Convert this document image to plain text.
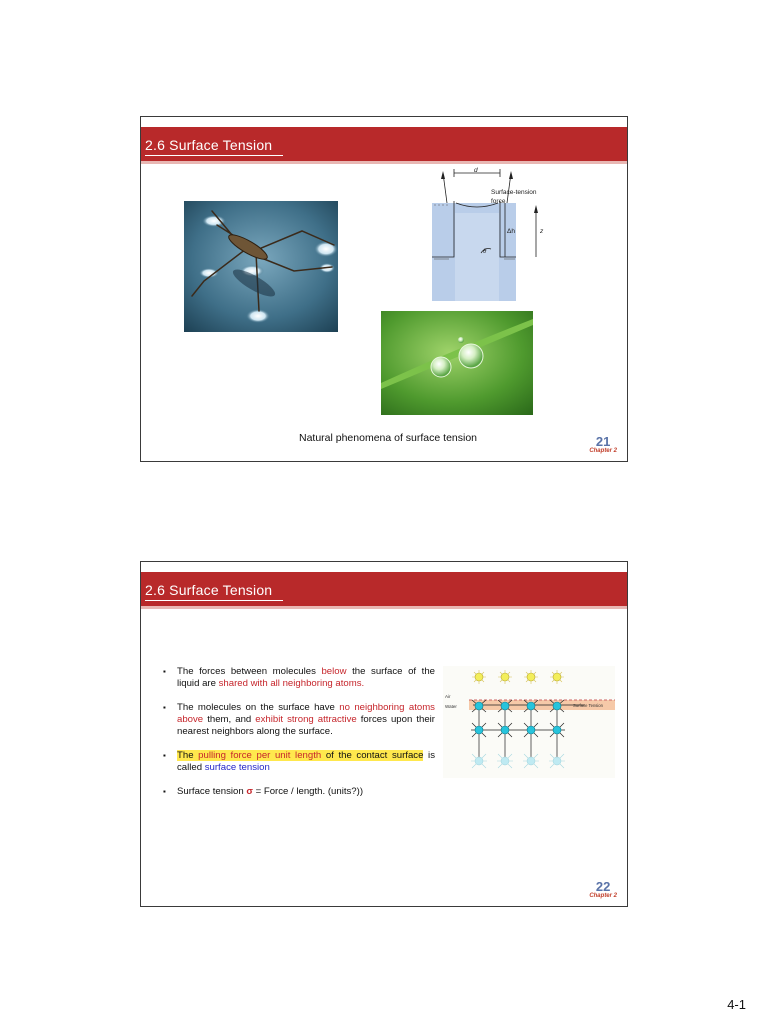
2.6 Surface Tension
d
Surface-tension
force
Δh	z
θ
Natural phenomena of surface tension	21
Chapter 2
2.6 Surface Tension
▪ The forces between molecules below the surface of the liquid are shared with all neighboring atoms.
▪ The molecules on the surface have no neighboring atoms above them, and exhibit strong attractive forces upon their nearest neighbors along the surface.
▪ The pulling force per unit length of the contact surface is called surface tension
▪ Surface tension σ = Force / length. (units?))
Air
Water	Surface Tension
22
Chapter 2
4-1
